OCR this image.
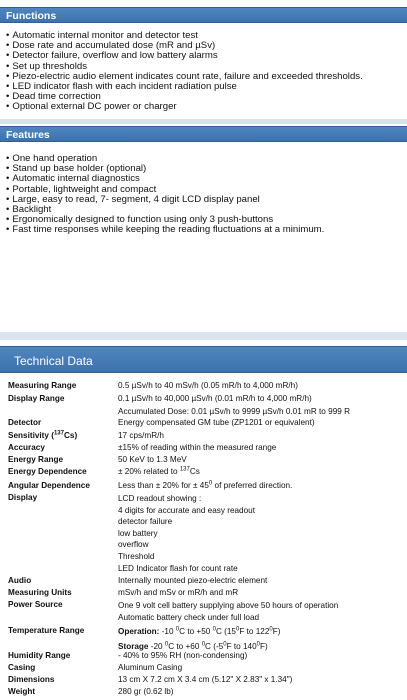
Functions
• Automatic internal monitor and detector test
• Dose rate and accumulated dose (mR and µSv)
• Detector failure, overflow and low battery alarms
• Set up thresholds
• Piezo-electric audio element indicates count rate, failure and exceeded thresholds.
• LED indicator flash with each incident radiation pulse
• Dead time correction
• Optional external DC power or charger
Features
• One hand operation
• Stand up base holder (optional)
• Automatic internal diagnostics
• Portable, lightweight and compact
• Large, easy to read, 7- segment, 4 digit LCD display panel
• Backlight
• Ergonomically designed to function using only 3 push-buttons
• Fast time responses while keeping the reading fluctuations at a minimum.
Technical Data
Measuring Range	0.5 µSv/h to 40 mSv/h (0.05 mR/h to 4,000 mR/h)
Display Range	0.1 µSv/h to 40,000 µSv/h (0.01 mR/h to 4,000 mR/h)
Accumulated Dose: 0.01 µSv/h to 9999 µSv/h 0.01 mR to 999 R
Detector	Energy compensated GM tube (ZP1201 or equivalent)
Sensitivity ($^{137}$Cs)	17 cps/mR/h
Accuracy	±15% of reading within the measured range
Energy Range	50 KeV to 1.3 MeV
Energy Dependence	± 20% related to $^{137}$Cs
Angular Dependence	Less than ± 20% for ± $45^0$ of preferred direction.
Display	LCD readout showing :
4 digits for accurate and easy readout
detector failure
low battery
overflow
Threshold
LED Indicator flash for count rate
Audio	Internally mounted piezo-electric element
Measuring Units	mSv/h and mSv or mR/h and mR
Power Source	One 9 volt cell battery supplying above 50 hours of operation
Automatic battery check under full load
Temperature Range	Operation: -10 $^0$C to +50 $^0$C ($15^0F$ to $122^0F$)
Storage -20 $^0$C to +60 $^0$C ($-5^0F$ to $140^0F$)
Humidity Range	- 40% to 95% RH (non-condensing)
Casing	Aluminum Casing
Dimensions	13 cm X 7.2 cm X 3.4 cm (5.12" X 2.83" x 1.34")
Weight	280 gr (0.62 lb)
